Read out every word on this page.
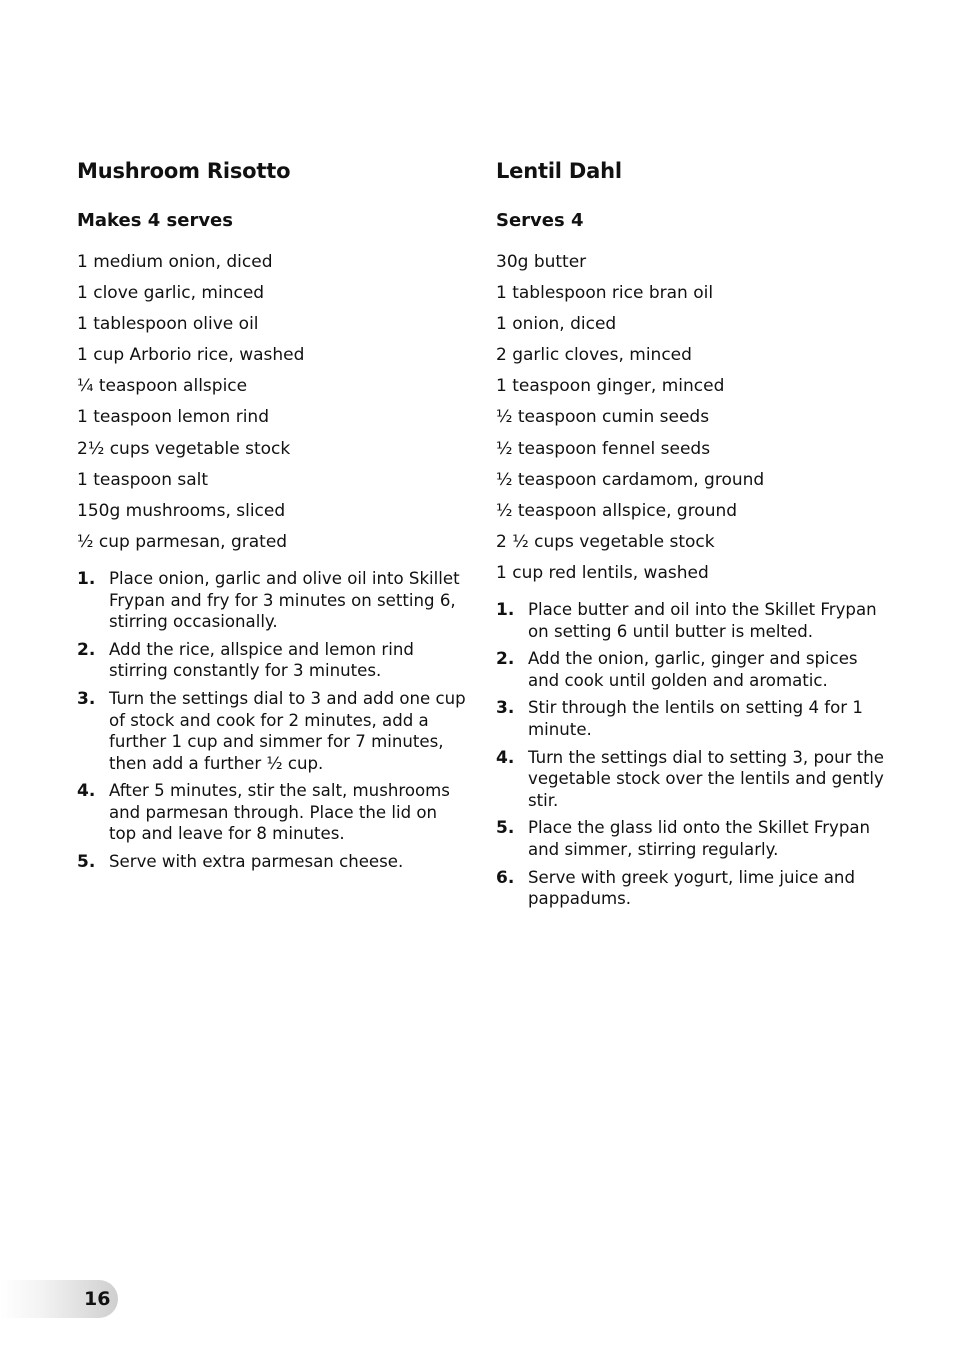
Mushroom Risotto
Makes 4 serves
1 medium onion, diced
1 clove garlic, minced
1 tablespoon olive oil
1 cup Arborio rice, washed
¼ teaspoon allspice
1 teaspoon lemon rind
2½ cups vegetable stock
1 teaspoon salt
150g mushrooms, sliced
½ cup parmesan, grated
1. Place onion, garlic and olive oil into Skillet Frypan and fry for 3 minutes on setting 6, stirring occasionally.
2. Add the rice, allspice and lemon rind stirring constantly for 3 minutes.
3. Turn the settings dial to 3 and add one cup of stock and cook for 2 minutes, add a further 1 cup and simmer for 7 minutes, then add a further ½ cup.
4. After 5 minutes, stir the salt, mushrooms and parmesan through. Place the lid on top and leave for 8 minutes.
5. Serve with extra parmesan cheese.
Lentil Dahl
Serves 4
30g butter
1 tablespoon rice bran oil
1 onion, diced
2 garlic cloves, minced
1 teaspoon ginger, minced
½ teaspoon cumin seeds
½ teaspoon fennel seeds
½ teaspoon cardamom, ground
½ teaspoon allspice, ground
2 ½ cups vegetable stock
1 cup red lentils, washed
1. Place butter and oil into the Skillet Frypan on setting 6 until butter is melted.
2. Add the onion, garlic, ginger and spices and cook until golden and aromatic.
3. Stir through the lentils on setting 4 for 1 minute.
4. Turn the settings dial to setting 3, pour the vegetable stock over the lentils and gently stir.
5. Place the glass lid onto the Skillet Frypan and simmer, stirring regularly.
6. Serve with greek yogurt, lime juice and pappadums.
16
